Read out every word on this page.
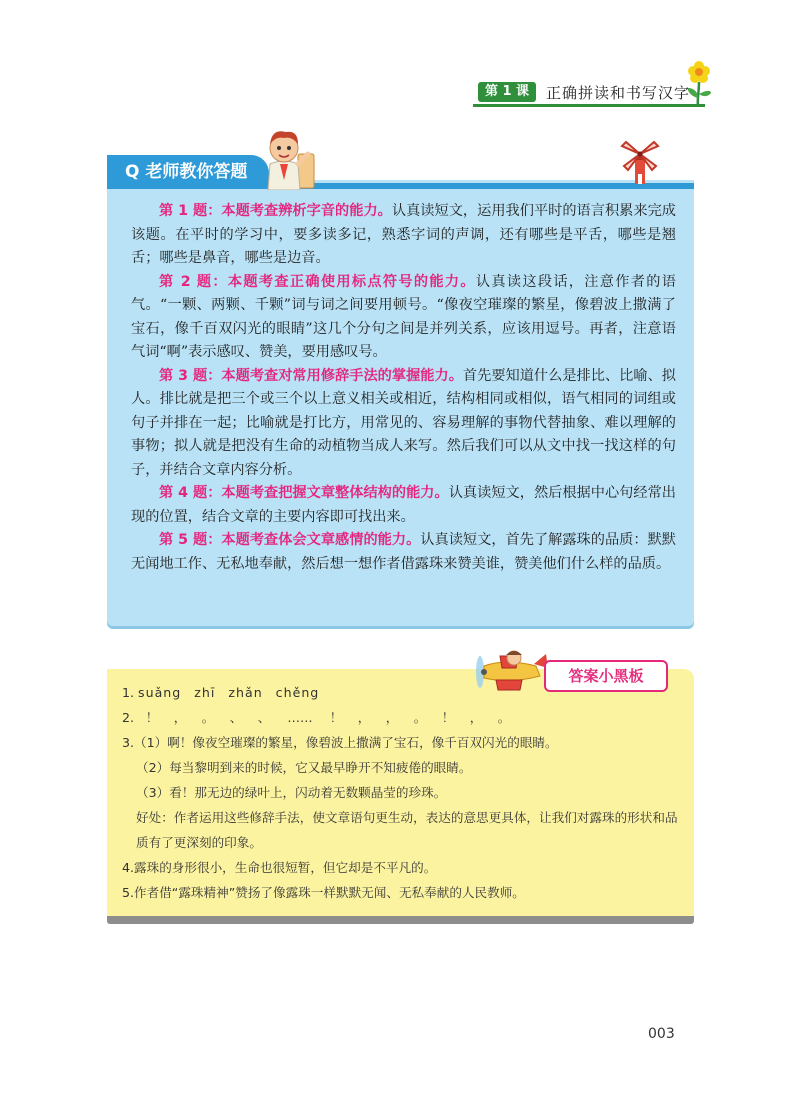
第 1 课	正确拼读和书写汉字
Q 老师教你答题

第 1 题：本题考查辨析字音的能力。认真读短文，运用我们平时的语言积累来完成该题。在平时的学习中，要多读多记，熟悉字词的声调，还有哪些是平舌，哪些是翘舌；哪些是鼻音，哪些是边音。

第 2 题：本题考查正确使用标点符号的能力。认真读这段话，注意作者的语气。“一颗、两颗、千颗”词与词之间要用顿号。“像夜空璀璨的繁星，像碧波上撒满了宝石，像千百双闪光的眼睛”这几个分句之间是并列关系，应该用逗号。再者，注意语气词“啊”表示感叹、赞美，要用感叹号。

第 3 题：本题考查对常用修辞手法的掌握能力。首先要知道什么是排比、比喻、拟人。排比就是把三个或三个以上意义相关或相近，结构相同或相似，语气相同的词组或句子并排在一起；比喻就是打比方，用常见的、容易理解的事物代替抽象、难以理解的事物；拟人就是把没有生命的动植物当成人来写。然后我们可以从文中找一找这样的句子，并结合文章内容分析。

第 4 题：本题考查把握文章整体结构的能力。认真读短文，然后根据中心句经常出现的位置，结合文章的主要内容即可找出来。

第 5 题：本题考查体会文章感情的能力。认真读短文，首先了解露珠的品质：默默无闻地工作、无私地奉献，然后想一想作者借露珠来赞美谁，赞美他们什么样的品质。

答案小黑板
1. suǎng zhī zhǎn chěng
2. ！ ， 。 、 、 …… ！ ， ， 。 ！ ， 。
3.（1）啊！像夜空璀璨的繁星，像碧波上撒满了宝石，像千百双闪光的眼睛。
（2）每当黎明到来的时候，它又最早睁开不知疲倦的眼睛。
（3）看！那无边的绿叶上，闪动着无数颗晶莹的珍珠。
好处：作者运用这些修辞手法，使文章语句更生动，表达的意思更具体，让我们对露珠的形状和品质有了更深刻的印象。
4.露珠的身形很小，生命也很短暂，但它却是不平凡的。
5.作者借“露珠精神”赞扬了像露珠一样默默无闻、无私奉献的人民教师。
003
